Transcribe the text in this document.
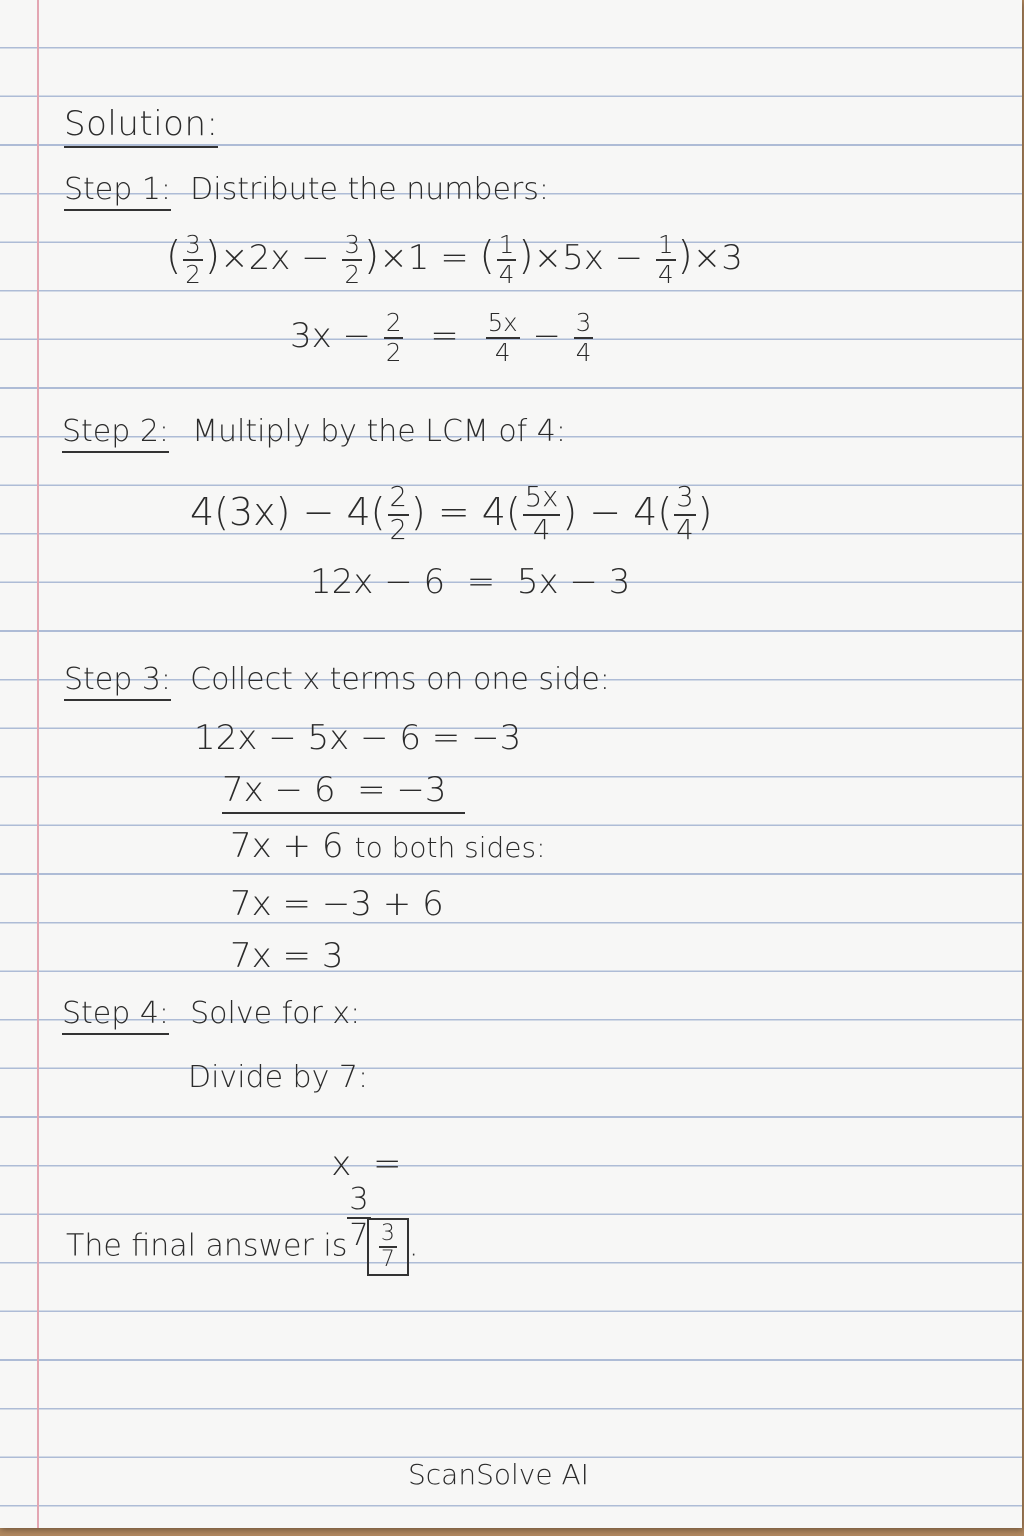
Solution:
Step 1: Distribute the numbers:
( $\frac{3}{2} )\times 2x - \frac{3}{2} )\times 1$ = ( $\frac{1}{4} )\times 5x - \frac{1}{4} )\times 3$
$3x - \frac{2}{2} = \frac{5x}{4} - \frac{3}{4}$
Step 2: Multiply by the LCM of 4:
$4(3x) - 4( \frac{2}{2}$ ) = $4( \frac{5x}{4}$ ) − $4( \frac{3}{4}$ )
12x − 6  =  5x − 3
Step 3: Collect x terms on one side:
12x − 5x − 6 = −3
7x − 6  = −3
7x + 6 to both sides:
7x = −3 + 6
7x = 3
Step 4: Solve for x:
Divide by 7:

x  =

$\frac{3}{7}$

The final answer is $\frac{3}{7}$ .
ScanSolve AI
